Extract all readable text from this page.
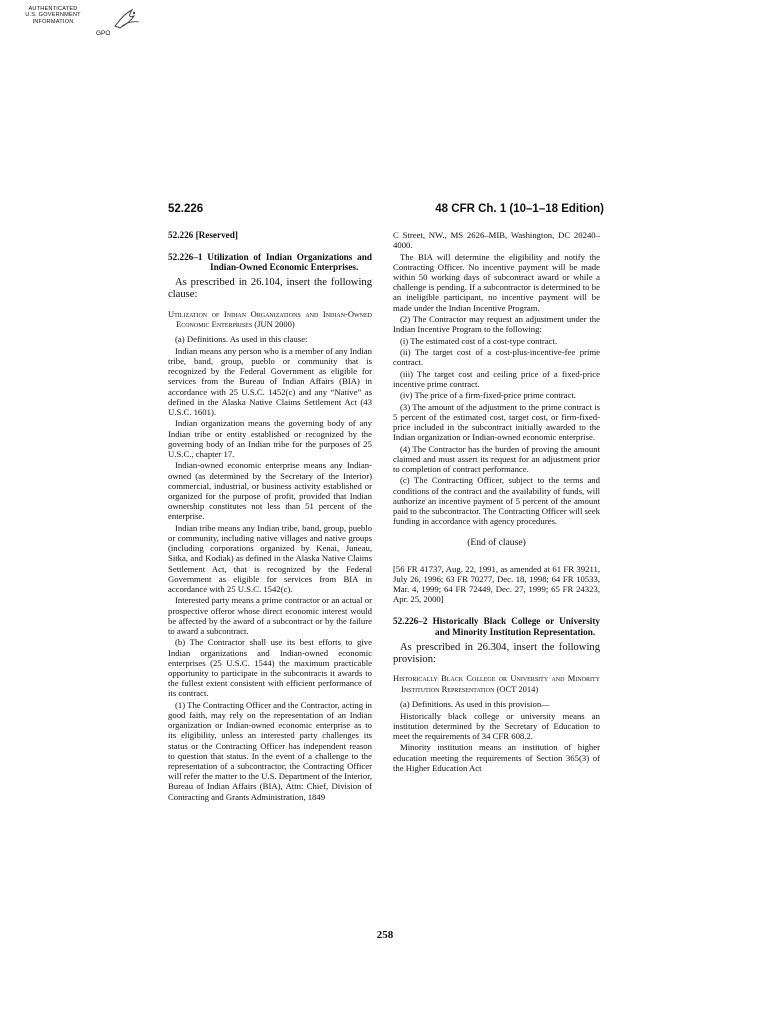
AUTHENTICATED
U.S. GOVERNMENT
INFORMATION
GPO
52.226	48 CFR Ch. 1 (10–1–18 Edition)

52.226 [Reserved]

52.226–1 Utilization of Indian Organizations and Indian-Owned Economic Enterprises.

As prescribed in 26.104, insert the following clause:

Utilization of Indian Organizations and Indian-Owned Economic Enterprises (JUN 2000)

(a) Definitions. As used in this clause:

Indian means any person who is a member of any Indian tribe, band, group, pueblo or community that is recognized by the Federal Government as eligible for services from the Bureau of Indian Affairs (BIA) in accordance with 25 U.S.C. 1452(c) and any “Native” as defined in the Alaska Native Claims Settlement Act (43 U.S.C. 1601).

Indian organization means the governing body of any Indian tribe or entity established or recognized by the governing body of an Indian tribe for the purposes of 25 U.S.C., chapter 17.

Indian-owned economic enterprise means any Indian-owned (as determined by the Secretary of the Interior) commercial, industrial, or business activity established or organized for the purpose of profit, provided that Indian ownership constitutes not less than 51 percent of the enterprise.

Indian tribe means any Indian tribe, band, group, pueblo or community, including native villages and native groups (including corporations organized by Kenai, Juneau, Sitka, and Kodiak) as defined in the Alaska Native Claims Settlement Act, that is recognized by the Federal Government as eligible for services from BIA in accordance with 25 U.S.C. 1542(c).

Interested party means a prime contractor or an actual or prospective offeror whose direct economic interest would be affected by the award of a subcontract or by the failure to award a subcontract.

(b) The Contractor shall use its best efforts to give Indian organizations and Indian-owned economic enterprises (25 U.S.C. 1544) the maximum practicable opportunity to participate in the subcontracts it awards to the fullest extent consistent with efficient performance of its contract.

(1) The Contracting Officer and the Contractor, acting in good faith, may rely on the representation of an Indian organization or Indian-owned economic enterprise as to its eligibility, unless an interested party challenges its status or the Contracting Officer has independent reason to question that status. In the event of a challenge to the representation of a subcontractor, the Contracting Officer will refer the matter to the U.S. Department of the Interior, Bureau of Indian Affairs (BIA), Attn: Chief, Division of Contracting and Grants Administration, 1849

C Street, NW., MS 2626–MIB, Washington, DC 20240–4000.

The BIA will determine the eligibility and notify the Contracting Officer. No incentive payment will be made within 50 working days of subcontract award or while a challenge is pending. If a subcontractor is determined to be an ineligible participant, no incentive payment will be made under the Indian Incentive Program.

(2) The Contractor may request an adjustment under the Indian Incentive Program to the following:

(i) The estimated cost of a cost-type contract.

(ii) The target cost of a cost-plus-incentive-fee prime contract.

(iii) The target cost and ceiling price of a fixed-price incentive prime contract.

(iv) The price of a firm-fixed-price prime contract.

(3) The amount of the adjustment to the prime contract is 5 percent of the estimated cost, target cost, or firm-fixed-price included in the subcontract initially awarded to the Indian organization or Indian-owned economic enterprise.

(4) The Contractor has the burden of proving the amount claimed and must assert its request for an adjustment prior to completion of contract performance.

(c) The Contracting Officer, subject to the terms and conditions of the contract and the availability of funds, will authorize an incentive payment of 5 percent of the amount paid to the subcontractor. The Contracting Officer will seek funding in accordance with agency procedures.

(End of clause)

[56 FR 41737, Aug. 22, 1991, as amended at 61 FR 39211, July 26, 1996; 63 FR 70277, Dec. 18, 1998; 64 FR 10533, Mar. 4, 1999; 64 FR 72449, Dec. 27, 1999; 65 FR 24323, Apr. 25, 2000]

52.226–2 Historically Black College or University and Minority Institution Representation.

As prescribed in 26.304, insert the following provision:

Historically Black College or University and Minority Institution Representation (OCT 2014)

(a) Definitions. As used in this provision—

Historically black college or university means an institution determined by the Secretary of Education to meet the requirements of 34 CFR 608.2.

Minority institution means an institution of higher education meeting the requirements of Section 365(3) of the Higher Education Act

258
